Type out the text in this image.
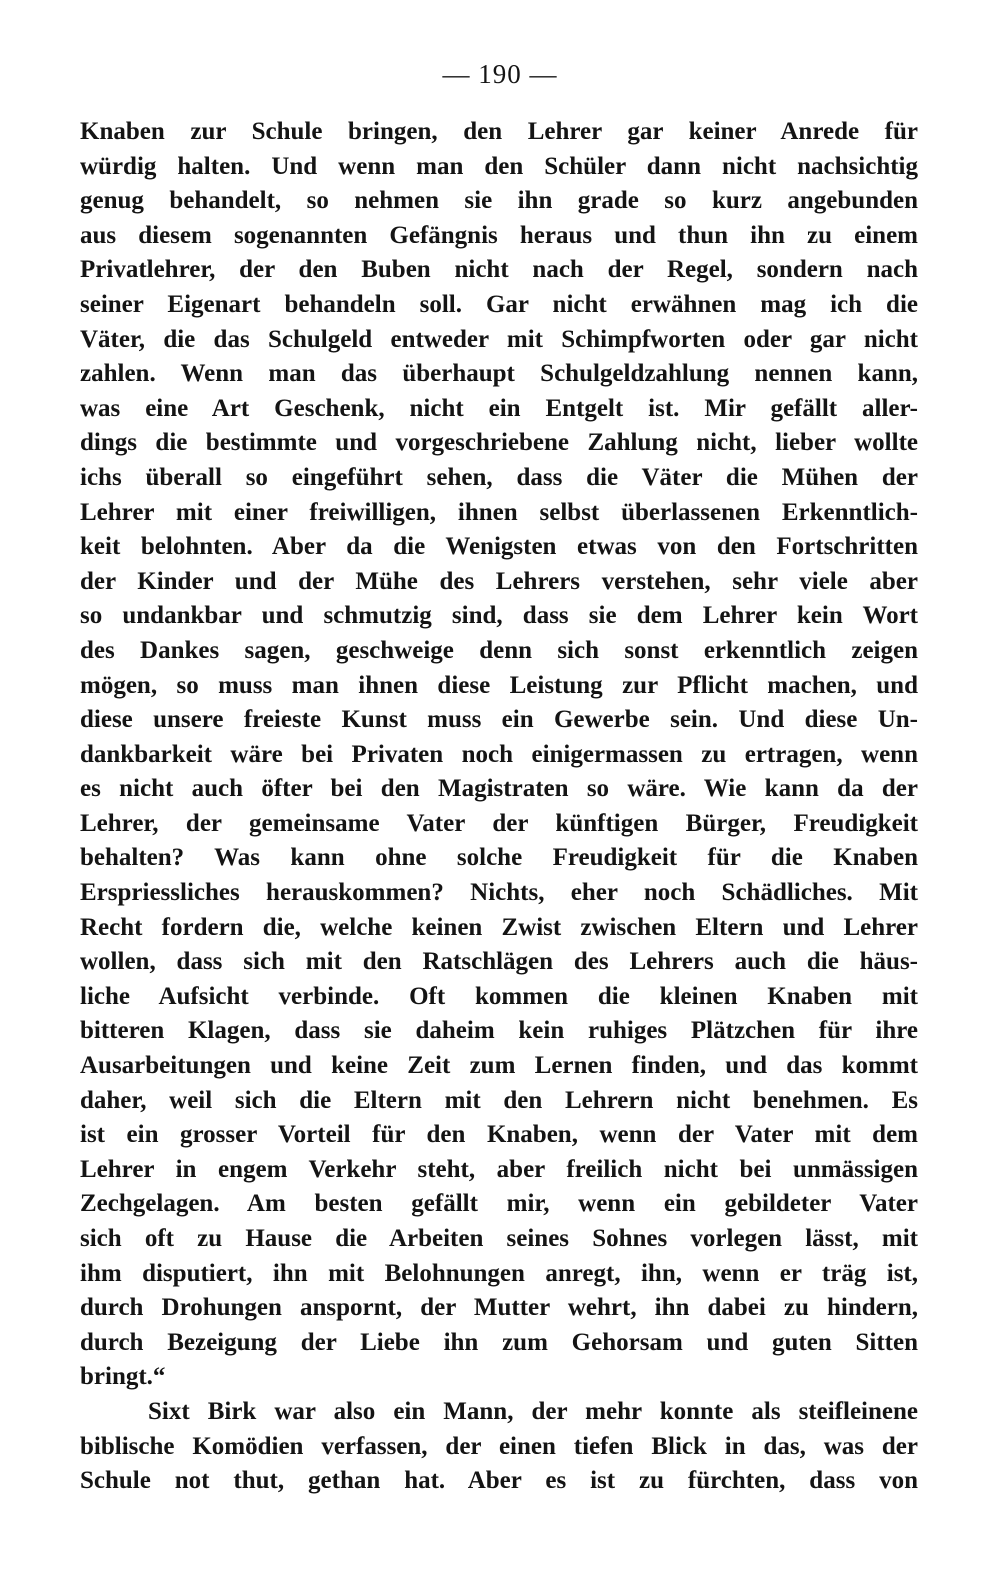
— 190 —
Knaben zur Schule bringen, den Lehrer gar keiner Anrede für
würdig halten. Und wenn man den Schüler dann nicht nachsichtig
genug behandelt, so nehmen sie ihn grade so kurz angebunden
aus diesem sogenannten Gefängnis heraus und thun ihn zu einem
Privatlehrer, der den Buben nicht nach der Regel, sondern nach
seiner Eigenart behandeln soll. Gar nicht erwähnen mag ich die
Väter, die das Schulgeld entweder mit Schimpfworten oder gar nicht
zahlen. Wenn man das überhaupt Schulgeldzahlung nennen kann,
was eine Art Geschenk, nicht ein Entgelt ist. Mir gefällt aller-
dings die bestimmte und vorgeschriebene Zahlung nicht, lieber wollte
ichs überall so eingeführt sehen, dass die Väter die Mühen der
Lehrer mit einer freiwilligen, ihnen selbst überlassenen Erkenntlich-
keit belohnten. Aber da die Wenigsten etwas von den Fortschritten
der Kinder und der Mühe des Lehrers verstehen, sehr viele aber
so undankbar und schmutzig sind, dass sie dem Lehrer kein Wort
des Dankes sagen, geschweige denn sich sonst erkenntlich zeigen
mögen, so muss man ihnen diese Leistung zur Pflicht machen, und
diese unsere freieste Kunst muss ein Gewerbe sein. Und diese Un-
dankbarkeit wäre bei Privaten noch einigermassen zu ertragen, wenn
es nicht auch öfter bei den Magistraten so wäre. Wie kann da der
Lehrer, der gemeinsame Vater der künftigen Bürger, Freudigkeit
behalten? Was kann ohne solche Freudigkeit für die Knaben
Erspriessliches herauskommen? Nichts, eher noch Schädliches. Mit
Recht fordern die, welche keinen Zwist zwischen Eltern und Lehrer
wollen, dass sich mit den Ratschlägen des Lehrers auch die häus-
liche Aufsicht verbinde. Oft kommen die kleinen Knaben mit
bitteren Klagen, dass sie daheim kein ruhiges Plätzchen für ihre
Ausarbeitungen und keine Zeit zum Lernen finden, und das kommt
daher, weil sich die Eltern mit den Lehrern nicht benehmen. Es
ist ein grosser Vorteil für den Knaben, wenn der Vater mit dem
Lehrer in engem Verkehr steht, aber freilich nicht bei unmässigen
Zechgelagen. Am besten gefällt mir, wenn ein gebildeter Vater
sich oft zu Hause die Arbeiten seines Sohnes vorlegen lässt, mit
ihm disputiert, ihn mit Belohnungen anregt, ihn, wenn er träg ist,
durch Drohungen anspornt, der Mutter wehrt, ihn dabei zu hindern,
durch Bezeigung der Liebe ihn zum Gehorsam und guten Sitten
bringt.“
Sixt Birk war also ein Mann, der mehr konnte als steifleinene
biblische Komödien verfassen, der einen tiefen Blick in das, was der
Schule not thut, gethan hat. Aber es ist zu fürchten, dass von
